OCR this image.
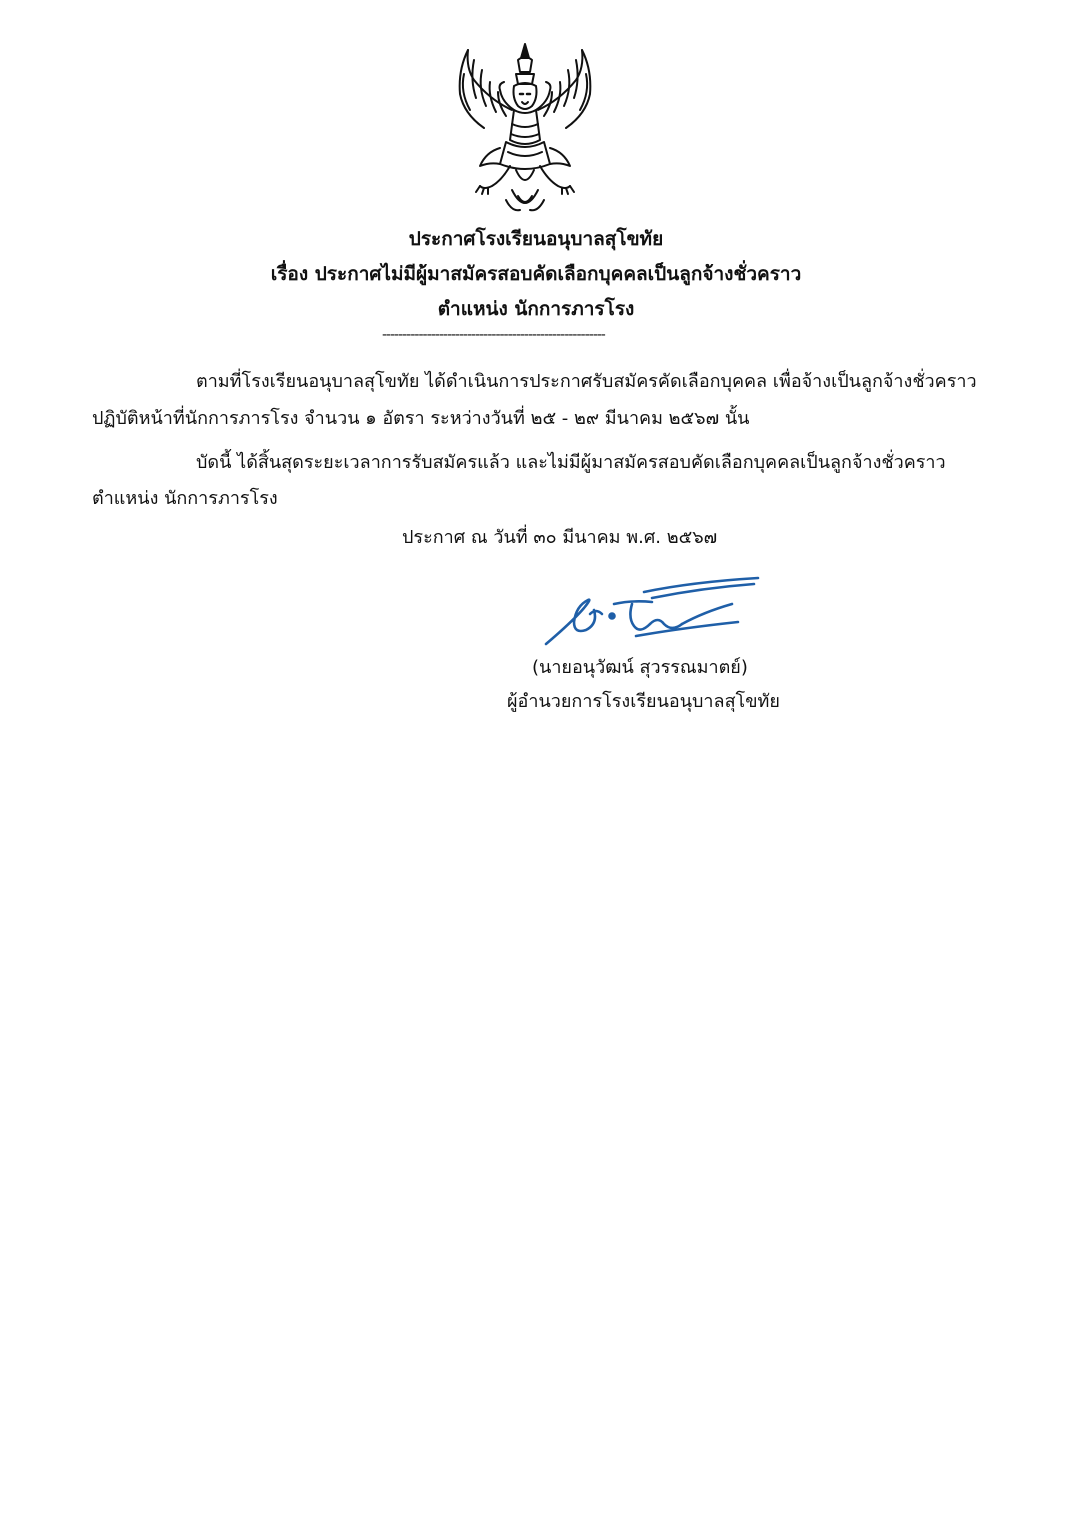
ประกาศโรงเรียนอนุบาลสุโขทัย
เรื่อง ประกาศไม่มีผู้มาสมัครสอบคัดเลือกบุคคลเป็นลูกจ้างชั่วคราว
ตำแหน่ง นักการภารโรง
-------------------------------------------------------
ตามที่โรงเรียนอนุบาลสุโขทัย ได้ดำเนินการประกาศรับสมัครคัดเลือกบุคคล เพื่อจ้างเป็นลูกจ้างชั่วคราว
ปฏิบัติหน้าที่นักการภารโรง จำนวน ๑ อัตรา ระหว่างวันที่ ๒๕ - ๒๙ มีนาคม ๒๕๖๗ นั้น
บัดนี้ ได้สิ้นสุดระยะเวลาการรับสมัครแล้ว และไม่มีผู้มาสมัครสอบคัดเลือกบุคคลเป็นลูกจ้างชั่วคราว
ตำแหน่ง นักการภารโรง
ประกาศ ณ วันที่ ๓๐ มีนาคม พ.ศ. ๒๕๖๗
(นายอนุวัฒน์ สุวรรณมาตย์)
ผู้อำนวยการโรงเรียนอนุบาลสุโขทัย
